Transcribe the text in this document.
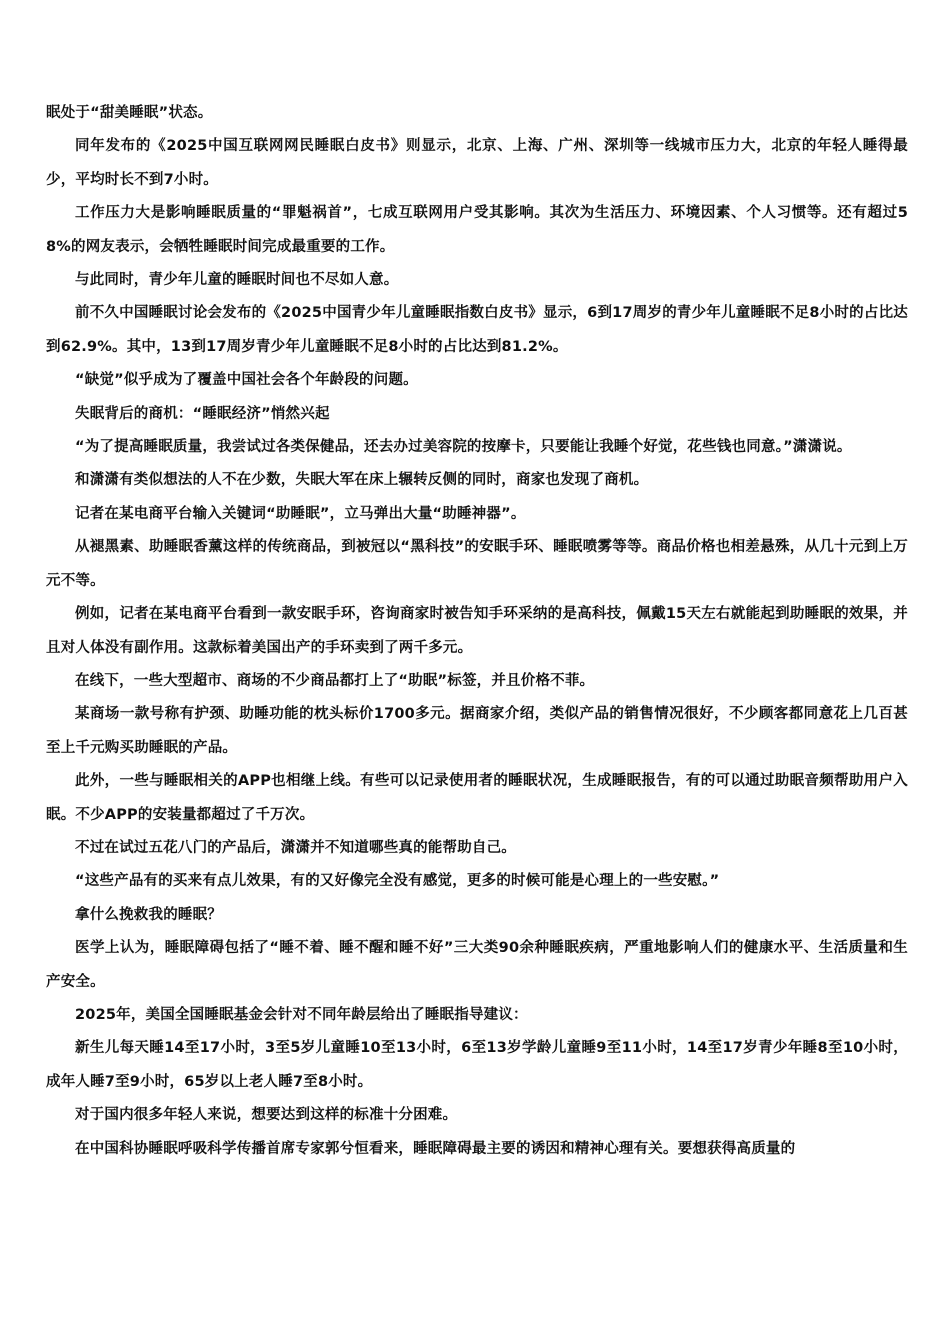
眠处于“甜美睡眠”状态。

同年发布的《2025中国互联网网民睡眠白皮书》则显示，北京、上海、广州、深圳等一线城市压力大，北京的年轻人睡得最少，平均时长不到7小时。

工作压力大是影响睡眠质量的“罪魁祸首”，七成互联网用户受其影响。其次为生活压力、环境因素、个人习惯等。还有超过58%的网友表示，会牺牲睡眠时间完成最重要的工作。

与此同时，青少年儿童的睡眠时间也不尽如人意。

前不久中国睡眠讨论会发布的《2025中国青少年儿童睡眠指数白皮书》显示，6到17周岁的青少年儿童睡眠不足8小时的占比达到62.9%。其中，13到17周岁青少年儿童睡眠不足8小时的占比达到81.2%。

“缺觉”似乎成为了覆盖中国社会各个年龄段的问题。

失眠背后的商机：“睡眠经济”悄然兴起

“为了提高睡眠质量，我尝试过各类保健品，还去办过美容院的按摩卡，只要能让我睡个好觉，花些钱也同意。”潇潇说。

和潇潇有类似想法的人不在少数，失眠大军在床上辗转反侧的同时，商家也发现了商机。

记者在某电商平台输入关键词“助睡眠”，立马弹出大量“助睡神器”。

从褪黑素、助睡眠香薰这样的传统商品，到被冠以“黑科技”的安眠手环、睡眠喷雾等等。商品价格也相差悬殊，从几十元到上万元不等。

例如，记者在某电商平台看到一款安眠手环，咨询商家时被告知手环采纳的是高科技，佩戴15天左右就能起到助睡眠的效果，并且对人体没有副作用。这款标着美国出产的手环卖到了两千多元。

在线下，一些大型超市、商场的不少商品都打上了“助眠”标签，并且价格不菲。

某商场一款号称有护颈、助睡功能的枕头标价1700多元。据商家介绍，类似产品的销售情况很好，不少顾客都同意花上几百甚至上千元购买助睡眠的产品。

此外，一些与睡眠相关的APP也相继上线。有些可以记录使用者的睡眠状况，生成睡眠报告，有的可以通过助眠音频帮助用户入眠。不少APP的安装量都超过了千万次。

不过在试过五花八门的产品后，潇潇并不知道哪些真的能帮助自己。

“这些产品有的买来有点儿效果，有的又好像完全没有感觉，更多的时候可能是心理上的一些安慰。”

拿什么挽救我的睡眠？

医学上认为，睡眠障碍包括了“睡不着、睡不醒和睡不好”三大类90余种睡眠疾病，严重地影响人们的健康水平、生活质量和生产安全。

2025年，美国全国睡眠基金会针对不同年龄层给出了睡眠指导建议：

新生儿每天睡14至17小时，3至5岁儿童睡10至13小时，6至13岁学龄儿童睡9至11小时，14至17岁青少年睡8至10小时，成年人睡7至9小时，65岁以上老人睡7至8小时。

对于国内很多年轻人来说，想要达到这样的标准十分困难。

在中国科协睡眠呼吸科学传播首席专家郭兮恒看来，睡眠障碍最主要的诱因和精神心理有关。要想获得高质量的
